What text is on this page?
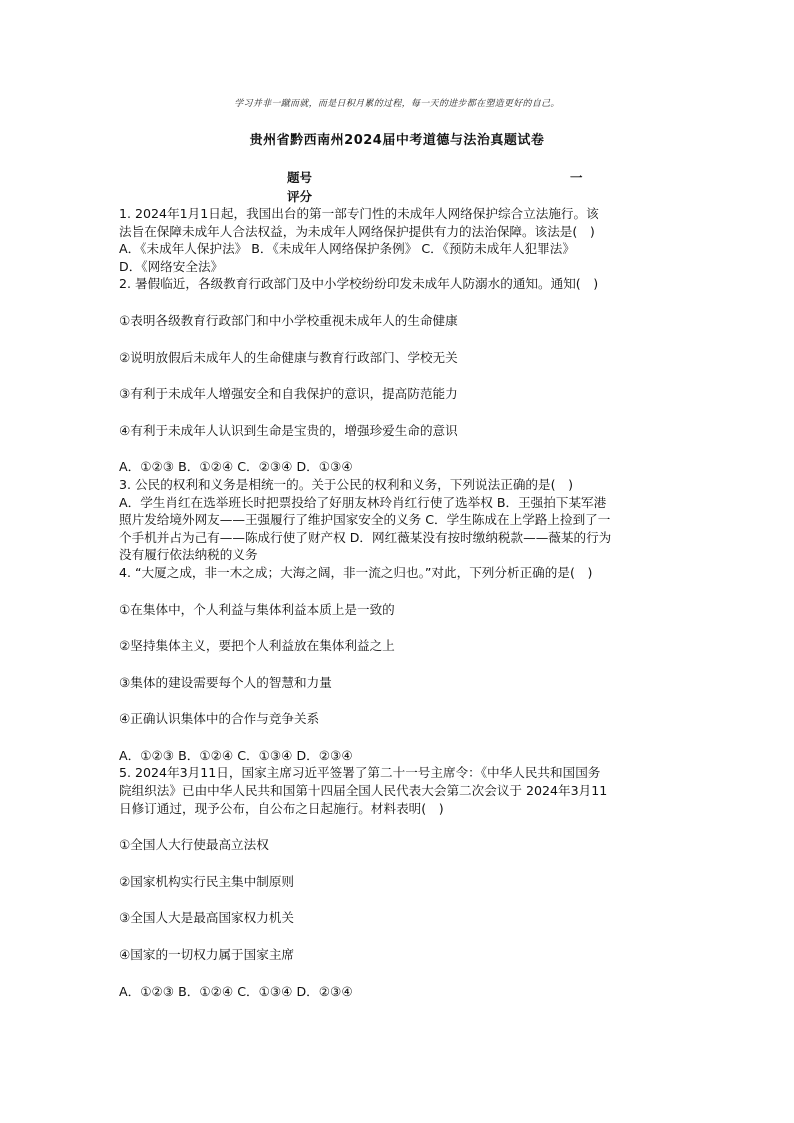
学习并非一蹴而就，而是日积月累的过程，每一天的进步都在塑造更好的自己。
贵州省黔西南州2024届中考道德与法治真题试卷
题号	一
评分
1. 2024年1月1日起，我国出台的第一部专门性的未成年人网络保护综合立法施行。该
法旨在保障未成年人合法权益，为未成年人网络保护提供有力的法治保障。该法是(　)
A．《未成年人保护法》 B．《未成年人网络保护条例》 C．《预防未成年人犯罪法》
D．《网络安全法》
2. 暑假临近，各级教育行政部门及中小学校纷纷印发未成年人防溺水的通知。通知(　)
①表明各级教育行政部门和中小学校重视未成年人的生命健康
②说明放假后未成年人的生命健康与教育行政部门、学校无关
③有利于未成年人增强安全和自我保护的意识，提高防范能力
④有利于未成年人认识到生命是宝贵的，增强珍爱生命的意识
A．①②③ B．①②④ C．②③④ D．①③④
3. 公民的权利和义务是相统一的。关于公民的权利和义务，下列说法正确的是(　)
A．学生肖红在选举班长时把票投给了好朋友林玲肖红行使了选举权 B．王强拍下某军港
照片发给境外网友——王强履行了维护国家安全的义务 C．学生陈成在上学路上捡到了一
个手机并占为己有——陈成行使了财产权 D．网红薇某没有按时缴纳税款——薇某的行为
没有履行依法纳税的义务
4. “大厦之成，非一木之成；大海之阔，非一流之归也。”对此，下列分析正确的是(　)
①在集体中，个人利益与集体利益本质上是一致的
②坚持集体主义，要把个人利益放在集体利益之上
③集体的建设需要每个人的智慧和力量
④正确认识集体中的合作与竞争关系
A．①②③ B．①②④ C．①③④ D．②③④
5. 2024年3月11日，国家主席习近平签署了第二十一号主席令：《中华人民共和国国务
院组织法》已由中华人民共和国第十四届全国人民代表大会第二次会议于 2024年3月11
日修订通过，现予公布，自公布之日起施行。材料表明(　)
①全国人大行使最高立法权
②国家机构实行民主集中制原则
③全国人大是最高国家权力机关
④国家的一切权力属于国家主席
A．①②③ B．①②④ C．①③④ D．②③④
